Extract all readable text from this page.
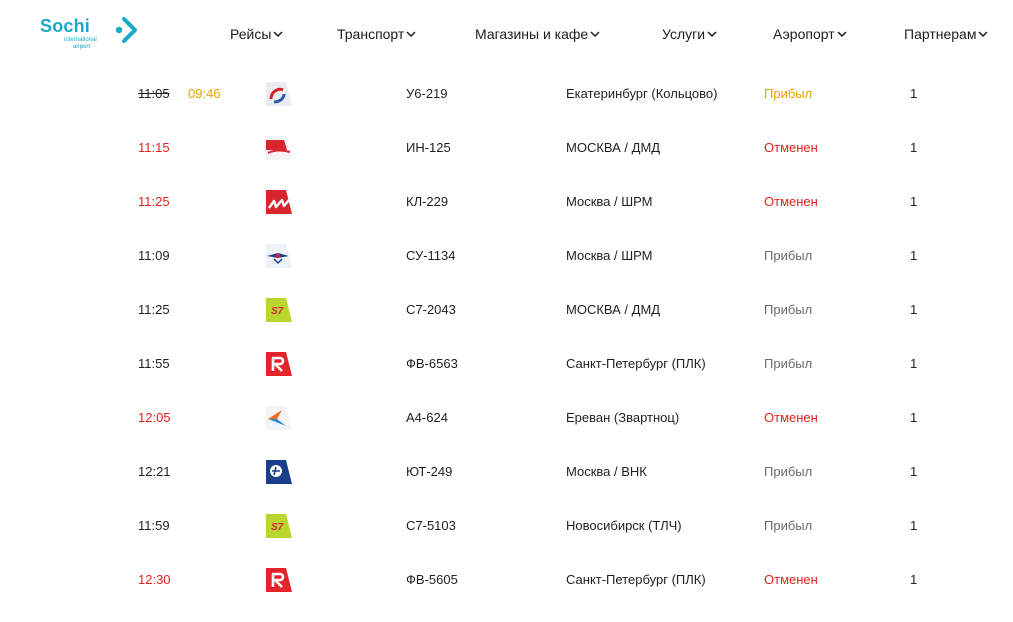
Sochi
international
airport
Рейсы	Транспорт	Магазины и кафе	Услуги	Аэропорт	Партнерам
11:05 09:46	У6-219	Екатеринбург (Кольцово)	Прибыл	1
11:15	ИН-125	МОСКВА / ДМД	Отменен	1
11:25	КЛ-229	Москва / ШРМ	Отменен	1
11:09	СУ-1134	Москва / ШРМ	Прибыл	1
11:25	S7	С7-2043	МОСКВА / ДМД	Прибыл	1
11:55	ФВ-6563	Санкт-Петербург (ПЛК)	Прибыл	1
12:05	А4-624	Ереван (Звартноц)	Отменен	1
12:21	ЮТ-249	Москва / ВНК	Прибыл	1
11:59	S7	С7-5103	Новосибирск (ТЛЧ)	Прибыл	1
12:30	ФВ-5605	Санкт-Петербург (ПЛК)	Отменен	1
